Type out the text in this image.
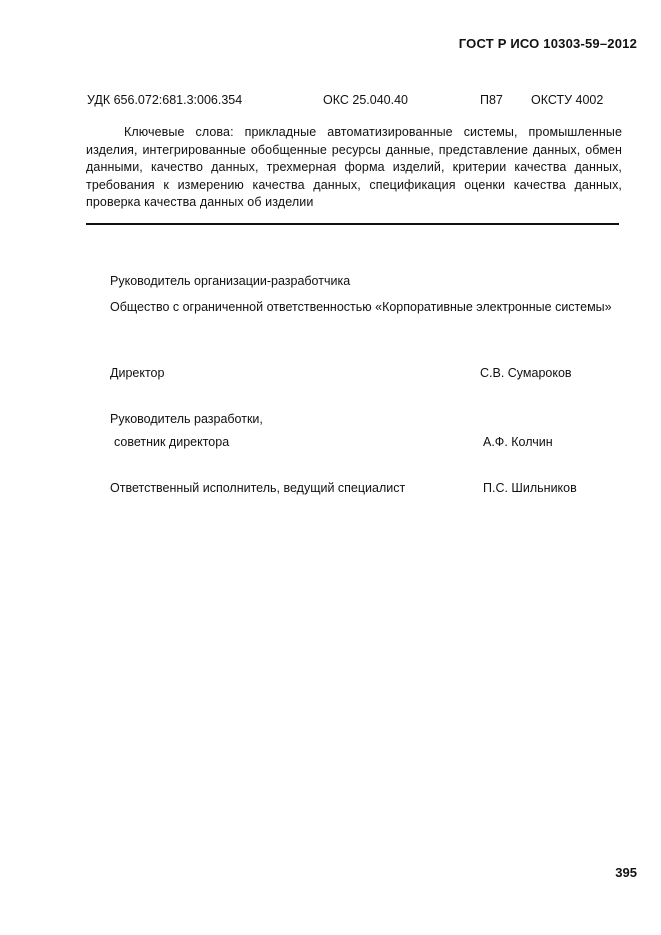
ГОСТ Р ИСО 10303-59–2012
УДК 656.072:681.3:006.354	ОКС 25.040.40	П87 ОКСТУ 4002
Ключевые слова: прикладные автоматизированные системы, промышленные изделия, интегрированные обобщенные ресурсы данные, представление данных, обмен данными, качество данных, трехмерная форма изделий, критерии качества данных, требования к измерению качества данных, спецификация оценки качества данных, проверка качества данных об изделии
Руководитель организации-разработчика
Общество с ограниченной ответственностью «Корпоративные электронные системы»
Директор	С.В. Сумароков
Руководитель разработки,
советник директора	А.Ф. Колчин
Ответственный исполнитель, ведущий специалист	П.С. Шильников
395
